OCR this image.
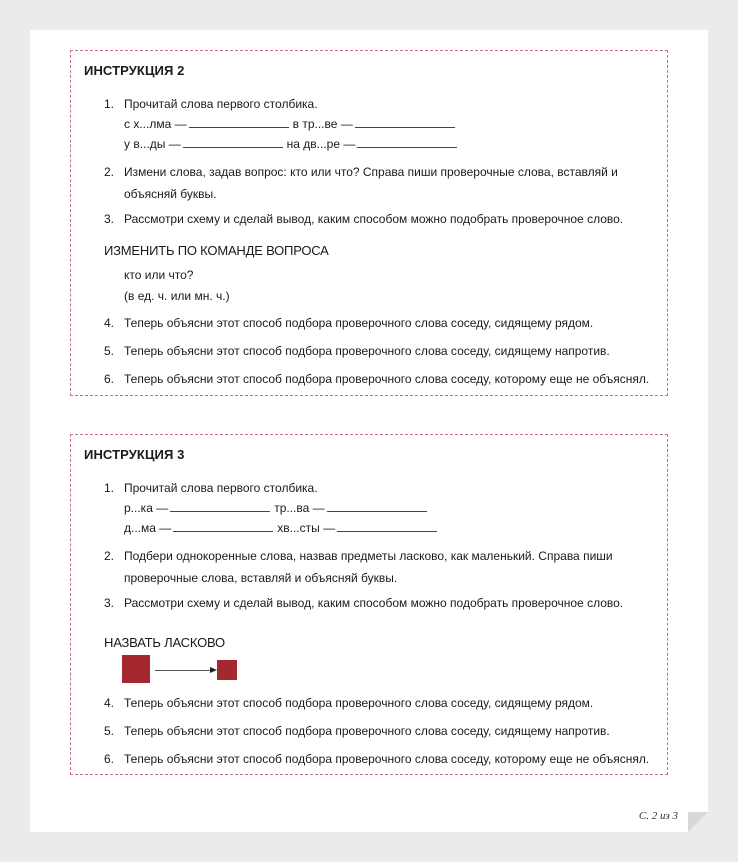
ИНСТРУКЦИЯ 2
1. Прочитай слова первого столбика.
с х...лма —	в тр...ве —
у в...ды —	на дв...ре —
2. Измени слова, задав вопрос: кто или что? Справа пиши проверочные слова, вставляй и объясняй буквы.
3. Рассмотри схему и сделай вывод, каким способом можно подобрать проверочное слово.
ИЗМЕНИТЬ ПО КОМАНДЕ ВОПРОСА
кто или что?
(в ед. ч. или мн. ч.)
4. Теперь объясни этот способ подбора проверочного слова соседу, сидящему рядом.
5. Теперь объясни этот способ подбора проверочного слова соседу, сидящему напротив.
6. Теперь объясни этот способ подбора проверочного слова соседу, которому еще не объяснял.
ИНСТРУКЦИЯ 3
1. Прочитай слова первого столбика.
р...ка —	тр...ва —
д...ма —	хв...сты —
2. Подбери однокоренные слова, назвав предметы ласково, как маленький. Справа пиши проверочные слова, вставляй и объясняй буквы.
3. Рассмотри схему и сделай вывод, каким способом можно подобрать проверочное слово.
НАЗВАТЬ ЛАСКОВО
4. Теперь объясни этот способ подбора проверочного слова соседу, сидящему рядом.
5. Теперь объясни этот способ подбора проверочного слова соседу, сидящему напротив.
6. Теперь объясни этот способ подбора проверочного слова соседу, которому еще не объяснял.
С. 2 из 3
